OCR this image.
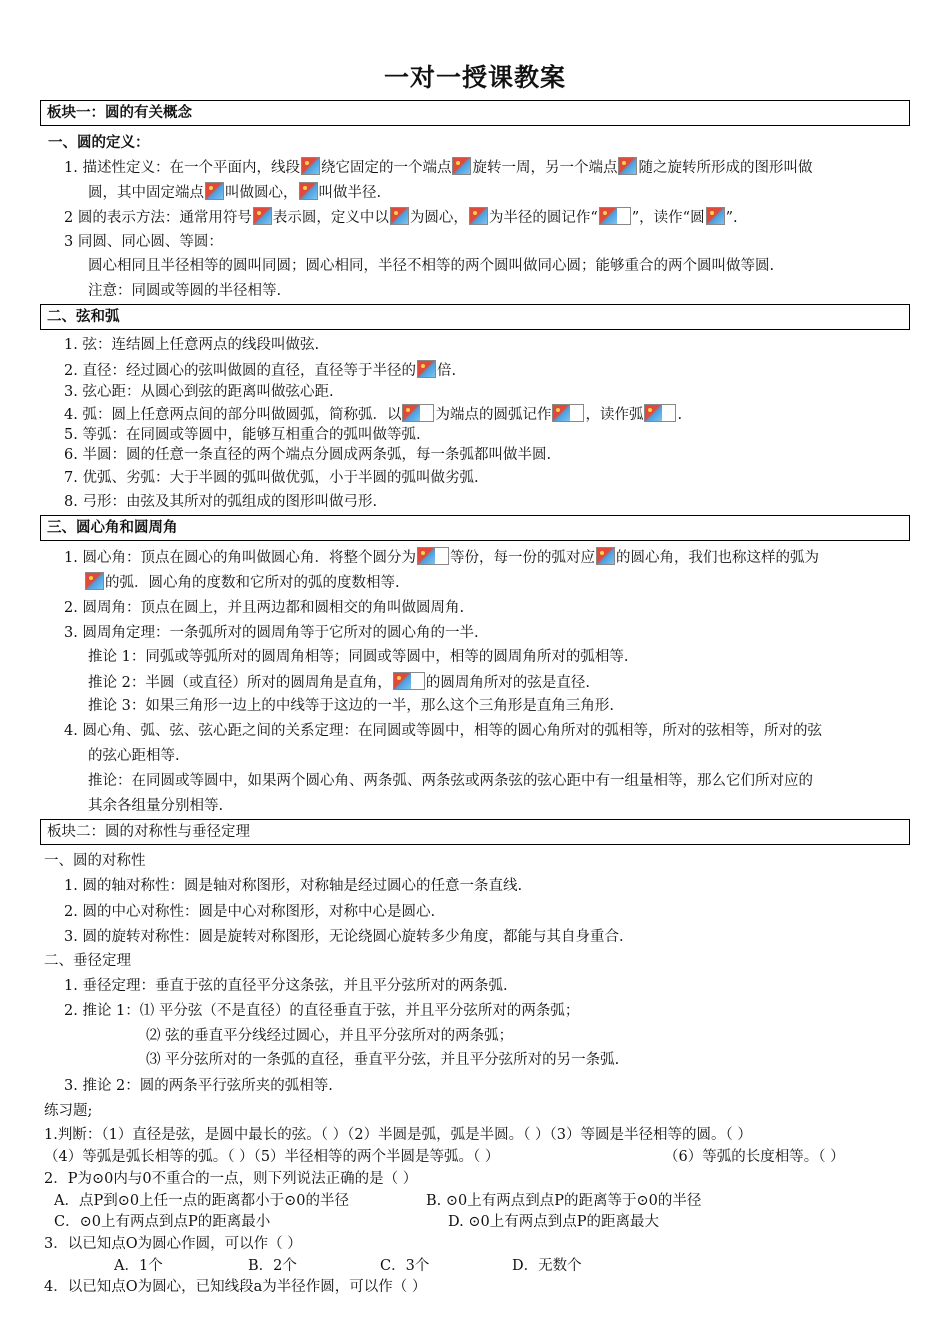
一对一授课教案
板块一：圆的有关概念
一、圆的定义：
1. 描述性定义：在一个平面内，线段 绕它固定的一个端点 旋转一周，另一个端点 随之旋转所形成的图形叫做
圆，其中固定端点 叫做圆心， 叫做半径.
2 圆的表示方法：通常用符号 表示圆，定义中以 为圆心， 为半径的圆记作“ ”，读作“圆 ”.
3 同圆、同心圆、等圆：
圆心相同且半径相等的圆叫同圆；圆心相同，半径不相等的两个圆叫做同心圆；能够重合的两个圆叫做等圆.
注意：同圆或等圆的半径相等.
二、弦和弧
1. 弦：连结圆上任意两点的线段叫做弦.
2. 直径：经过圆心的弦叫做圆的直径，直径等于半径的 倍.
3. 弦心距：从圆心到弦的距离叫做弦心距.
4. 弧：圆上任意两点间的部分叫做圆弧，简称弧．以 为端点的圆弧记作 ，读作弧 .
5. 等弧：在同圆或等圆中，能够互相重合的弧叫做等弧.
6. 半圆：圆的任意一条直径的两个端点分圆成两条弧，每一条弧都叫做半圆.
7. 优弧、劣弧：大于半圆的弧叫做优弧，小于半圆的弧叫做劣弧.
8. 弓形：由弦及其所对的弧组成的图形叫做弓形.
三、圆心角和圆周角
1. 圆心角：顶点在圆心的角叫做圆心角．将整个圆分为 等份，每一份的弧对应 的圆心角，我们也称这样的弧为
的弧．圆心角的度数和它所对的弧的度数相等.
2. 圆周角：顶点在圆上，并且两边都和圆相交的角叫做圆周角.
3. 圆周角定理：一条弧所对的圆周角等于它所对的圆心角的一半.
推论 1：同弧或等弧所对的圆周角相等；同圆或等圆中，相等的圆周角所对的弧相等.
推论 2：半圆（或直径）所对的圆周角是直角， 的圆周角所对的弦是直径.
推论 3：如果三角形一边上的中线等于这边的一半，那么这个三角形是直角三角形.
4. 圆心角、弧、弦、弦心距之间的关系定理：在同圆或等圆中，相等的圆心角所对的弧相等，所对的弦相等，所对的弦
的弦心距相等.
推论：在同圆或等圆中，如果两个圆心角、两条弧、两条弦或两条弦的弦心距中有一组量相等，那么它们所对应的
其余各组量分别相等.
板块二：圆的对称性与垂径定理
一、圆的对称性
1. 圆的轴对称性：圆是轴对称图形，对称轴是经过圆心的任意一条直线.
2. 圆的中心对称性：圆是中心对称图形，对称中心是圆心.
3. 圆的旋转对称性：圆是旋转对称图形，无论绕圆心旋转多少角度，都能与其自身重合.
二、垂径定理
1. 垂径定理：垂直于弦的直径平分这条弦，并且平分弦所对的两条弧.
2. 推论 1：⑴ 平分弦（不是直径）的直径垂直于弦，并且平分弦所对的两条弧；
⑵ 弦的垂直平分线经过圆心，并且平分弦所对的两条弧；
⑶ 平分弦所对的一条弧的直径，垂直平分弦，并且平分弦所对的另一条弧.
3. 推论 2：圆的两条平行弦所夹的弧相等.
练习题;
1.判断：（1）直径是弦，是圆中最长的弦。（ ）（2）半圆是弧，弧是半圆。（ ）（3）等圆是半径相等的圆。（ ）
（4）等弧是弧长相等的弧。（ ）（5）半径相等的两个半圆是等弧。（ ）	（6）等弧的长度相等。（ ）
2．P为⊙0内与0不重合的一点，则下列说法正确的是（ ）
A．点P到⊙0上任一点的距离都小于⊙0的半径	B. ⊙0上有两点到点P的距离等于⊙0的半径
C．⊙0上有两点到点P的距离最小	D. ⊙0上有两点到点P的距离最大
3．以已知点O为圆心作圆，可以作（ ）
A．1个	B．2个	C．3个	D．无数个
4．以已知点O为圆心，已知线段a为半径作圆，可以作（ ）
